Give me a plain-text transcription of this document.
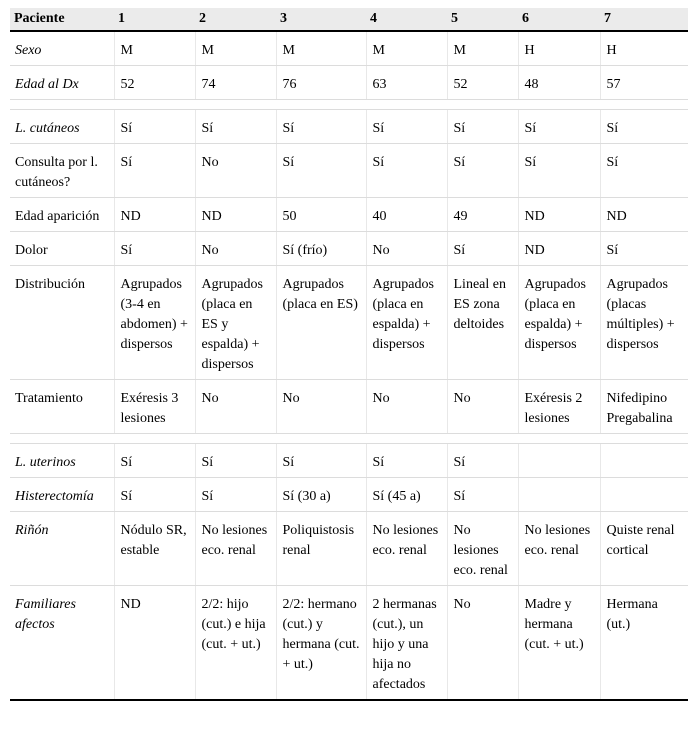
Paciente	1	2	3	4	5	6	7
Sexo	M	M	M	M	M	H	H
Edad al Dx	52	74	76	63	52	48	57

L. cutáneos	Sí	Sí	Sí	Sí	Sí	Sí	Sí
Consulta por l. cutáneos?	Sí	No	Sí	Sí	Sí	Sí	Sí
Edad aparición	ND	ND	50	40	49	ND	ND
Dolor	Sí	No	Sí (frío)	No	Sí	ND	Sí
Distribución	Agrupados (3-4 en abdomen) + dispersos	Agrupados (placa en ES y espalda) + dispersos	Agrupados (placa en ES)	Agrupados (placa en espalda) + dispersos	Lineal en ES zona deltoides	Agrupados (placa en espalda) + dispersos	Agrupados (placas múltiples) + dispersos
Tratamiento	Exéresis 3 lesiones	No	No	No	No	Exéresis 2 lesiones	Nifedipino Pregabalina

L. uterinos	Sí	Sí	Sí	Sí	Sí		
Histerectomía	Sí	Sí	Sí (30 a)	Sí (45 a)	Sí		
Riñón	Nódulo SR, estable	No lesiones eco. renal	Poliquistosis renal	No lesiones eco. renal	No lesiones eco. renal	No lesiones eco. renal	Quiste renal cortical
Familiares afectos	ND	2/2: hijo (cut.) e hija (cut. + ut.)	2/2: hermano (cut.) y hermana (cut. + ut.)	2 hermanas (cut.), un hijo y una hija no afectados	No	Madre y hermana (cut. + ut.)	Hermana (ut.)
